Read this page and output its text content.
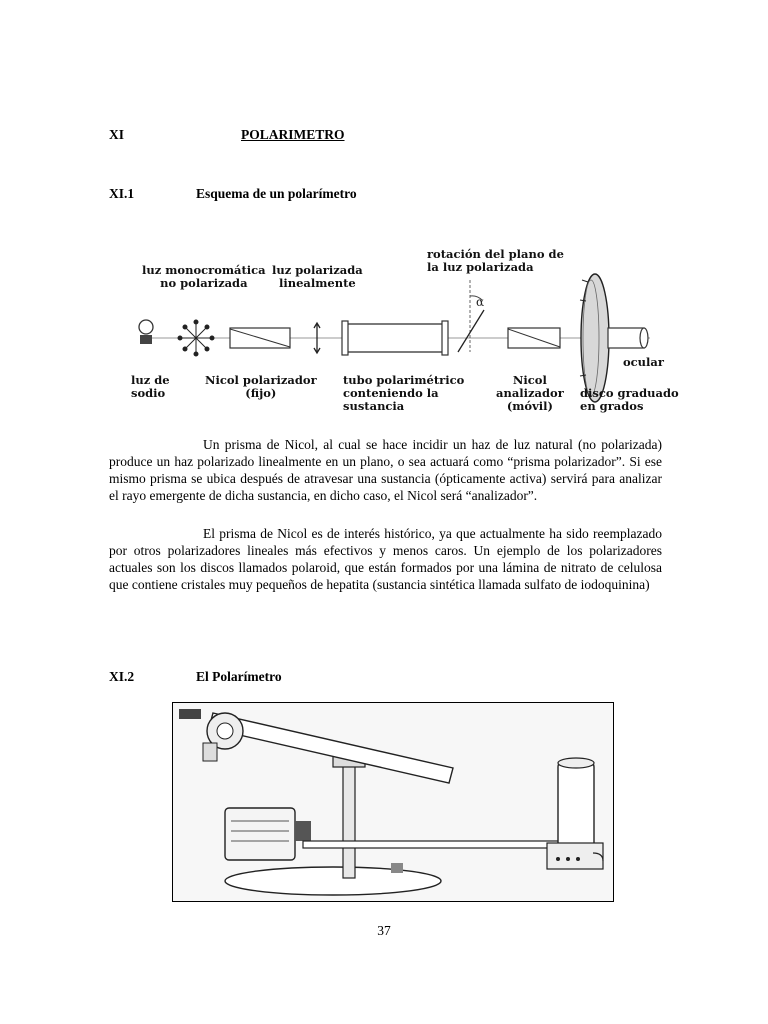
XI	POLARIMETRO
XI.1	Esquema de un polarímetro
α
rotación del plano de
la luz polarizada
luz monocromática
no polarizada
luz polarizada
linealmente
ocular
luz de
sodio
Nicol polarizador
(fijo)
tubo polarimétrico
conteniendo la
sustancia
Nicol
analizador
(móvil)
disco graduado
en grados

Un prisma de Nicol, al cual se hace incidir un haz de luz natural (no polarizada) produce un haz polarizado linealmente en un plano, o sea actuará como “prisma polarizador”. Si ese mismo prisma se ubica después de atravesar una sustancia (ópticamente activa) servirá para analizar el rayo emergente de dicha sustancia, en dicho caso, el Nicol será “analizador”.

El prisma de Nicol es de interés histórico, ya que actualmente ha sido reemplazado por otros polarizadores lineales más efectivos y menos caros. Un ejemplo de los polarizadores actuales son los discos llamados polaroid, que están formados por una lámina de nitrato de celulosa que contiene cristales muy pequeños de hepatita (sustancia sintética llamada sulfato de iodoquinina)

XI.2	El Polarímetro
37
